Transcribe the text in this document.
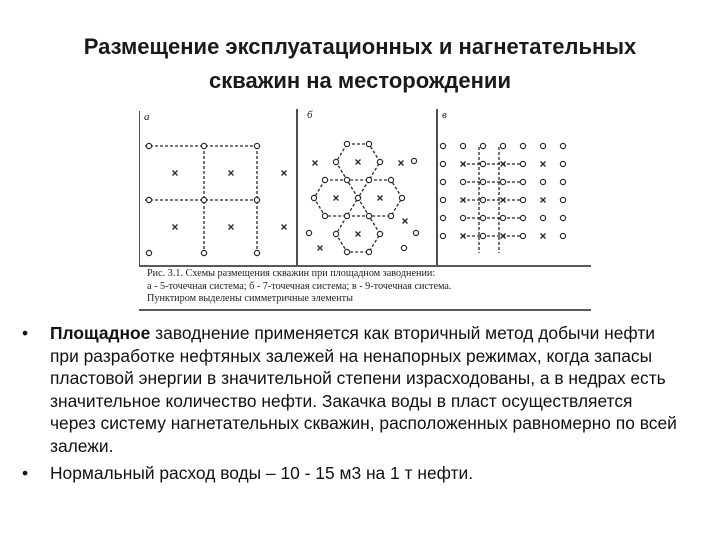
Размещение эксплуатационных и нагнетательных
скважин на месторождении
а	б	в
Рис. 3.1. Схемы размещения скважин при площадном заводнении:
а - 5-точечная система; б - 7-точечная система; в - 9-точечная система.
Пунктиром выделены симметричные элементы
• Площадное заводнение применяется как вторичный метод добычи нефти при разработке нефтяных залежей на ненапорных режимах, когда запасы пластовой энергии в значительной степени израсходованы, а в недрах есть значительное количество нефти. Закачка воды в пласт осуществляется через систему нагнетательных скважин, расположенных равномерно по всей залежи.
• Нормальный расход воды – 10 - 15 м3 на 1 т нефти.
